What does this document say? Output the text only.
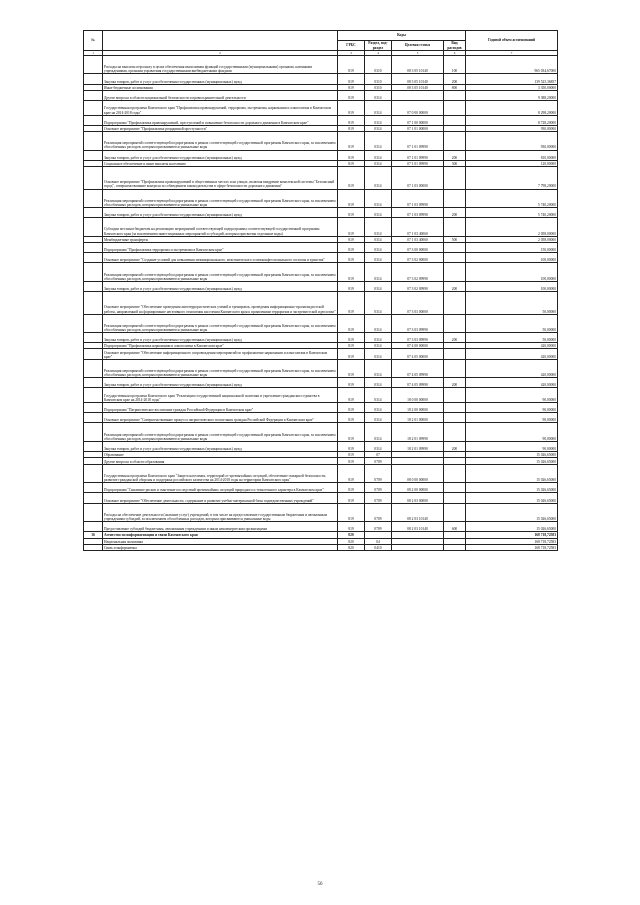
№		Коды				Годовой объем ассигнований
		ГРБС	Раздел, под-раздел	Целевая статья	Вид расходов	
1	2	3	4	5	6	7
	Расходы на выплаты персоналу в целях обеспечения выполнения функций государственными (муниципальными) органами, казенными учреждениями, органами управления государственными внебюджетными фондами	819	0310	08 3 05 10140	100	965 034,67000
	Закупка товаров, работ и услуг для обеспечения государственных (муниципальных) нужд	819	0310	08 3 05 10140	200	139 525,36857
	Иные бюджетные ассигнования	819	0310	08 3 05 10140	800	3 350,00000
	Другие вопросы в области национальной безопасности и правоохранительной деятельности	819	0314			9 388,20000
	Государственная программа Камчатского края "Профилактика правонарушений, терроризма, экстремизма, наркомании и алкоголизма в Камчатском крае на 2014-2018 годы"	819	0314	07 0 00 00000		8 298,20000
	Подпрограмма "Профилактика правонарушений, преступлений и повышение безопасности дорожного движения в Камчатском крае"	819	0314	07 1 00 00000		8 728,20000
	Основное мероприятие "Профилактика рецидивной преступности"	819	0314	07 1 01 00000		930,00000
	Реализация мероприятий соответствующей подпрограммы в рамках соответствующей государственной программы Камчатского края, за исключением обособленных расходов, которым присваиваются уникальные коды	819	0314	07 1 01 09990		930,00000
	Закупка товаров, работ и услуг для обеспечения государственных (муниципальных) нужд	819	0314	07 1 01 09990	200	810,00000
	Социальное обеспечение и иные выплаты населению	819	0314	07 1 01 09990	300	120,00000
	Основное мероприятие "Профилактика правонарушений в общественных местах и на улицах, включая внедрение комплексной системы "Безопасный город", совершенствование контроля за соблюдением законодательства в сфере безопасности дорожного движения"	819	0314	07 1 03 00000		7 798,20000
	Реализация мероприятий соответствующей подпрограммы в рамках соответствующей государственной программы Камчатского края, за исключением обособленных расходов, которым присваиваются уникальные коды	819	0314	07 1 03 09990		5 740,20000
	Закупка товаров, работ и услуг для обеспечения государственных (муниципальных) нужд	819	0314	07 1 03 09990	200	5 740,20000
	Субсидии местным бюджетам на реализацию мероприятий соответствующей подпрограммы соответствующей государственной программы Камчатского края (за исключением инвестиционных мероприятий и субсидий, которым присвоены отдельные коды)	819	0314	07 1 03 40060		2 058,00000
	Межбюджетные трансферты	819	0314	07 1 03 40060	500	2 058,00000
	Подпрограмма "Профилактика терроризма и экстремизма в Камчатском крае"	819	0314	07 3 00 00000		150,00000
	Основное мероприятие "Создание условий для повышения межнационального, межэтнического и межконфессионального согласия и единства"	819	0314	07 3 02 00000		100,00000
	Реализация мероприятий соответствующей подпрограммы в рамках соответствующей государственной программы Камчатского края, за исключением обособленных расходов, которым присваиваются уникальные коды	819	0314	07 3 02 09990		100,00000
	Закупка товаров, работ и услуг для обеспечения государственных (муниципальных) нужд	819	0314	07 3 02 09990	200	100,00000
	Основное мероприятие "Обеспечение проведения антитеррористических учений и тренировок, проведения информационно-пропагандистской работы, направленной на формирование негативного отношения населения Камчатского края к проявлениям терроризма и экстремистской идеологии"	819	0314	07 3 03 00000		50,00000
	Реализация мероприятий соответствующей подпрограммы в рамках соответствующей государственной программы Камчатского края, за исключением обособленных расходов, которым присваиваются уникальные коды	819	0314	07 3 03 09990		50,00000
	Закупка товаров, работ и услуг для обеспечения государственных (муниципальных) нужд	819	0314	07 3 03 09990	200	50,00000
	Подпрограмма "Профилактика наркомании и алкоголизма в Камчатском крае"	819	0314	07 4 00 00000		420,00000
	Основное мероприятие "Обеспечение информационного сопровождения мероприятий по профилактике наркомании и алкоголизма в Камчатском крае"	819	0314	07 4 05 00000		420,00000
	Реализация мероприятий соответствующей подпрограммы в рамках соответствующей государственной программы Камчатского края, за исключением обособленных расходов, которым присваиваются уникальные коды	819	0314	07 4 05 09990		420,00000
	Закупка товаров, работ и услуг для обеспечения государственных (муниципальных) нужд	819	0314	07 4 05 09990	200	420,00000
	Государственная программа Камчатского края "Реализация государственной национальной политики и укрепление гражданского единства в Камчатском крае на 2014-2018 годы"	819	0314	18 0 00 00000		90,00000
	Подпрограмма "Патриотическое воспитание граждан Российской Федерации в Камчатском крае"	819	0314	18 2 00 00000		90,00000
	Основное мероприятие "Совершенствование процесса патриотического воспитания граждан Российской Федерации в Камчатском крае"	819	0314	18 2 01 00000		90,00000
	Реализация мероприятий соответствующей подпрограммы в рамках соответствующей государственной программы Камчатского края, за исключением обособленных расходов, которым присваиваются уникальные коды	819	0314	18 2 01 09990		90,00000
	Закупка товаров, работ и услуг для обеспечения государственных (муниципальных) нужд	819	0314	18 2 01 09990	200	90,00000
	Образование	819	07			15 026,65000
	Другие вопросы в области образования	819	0709			15 026,65000
	Государственная программа Камчатского края "Защита населения, территорий от чрезвычайных ситуаций, обеспечение пожарной безопасности, развитие гражданской обороны и поддержка российского казачества на 2014-2018 годы на территории Камчатского края"	819	0709	08 0 00 00000		15 026,65000
	Подпрограмма "Снижение рисков и смягчение последствий чрезвычайных ситуаций природного и техногенного характера в Камчатском крае"	819	0709	08 2 00 00000		15 026,65000
	Основное мероприятие "Обеспечение деятельности, содержание и развитие учебно-материальной базы подведомственных учреждений"	819	0709	08 2 03 00000		15 026,65000
	Расходы на обеспечение деятельности (оказание услуг) учреждений, в том числе на предоставление государственным бюджетным и автономным учреждениям субсидий, за исключением обособленных расходов, которым присваиваются уникальные коды	819	0709	08 2 03 10140		15 026,65000
	Предоставление субсидий бюджетным, автономным учреждениям и иным некоммерческим организациям	819	0709	08 2 03 10140	600	15 026,65000
16	Агентство по информатизации и связи Камчатского края	820				168 718,72583
	Национальная экономика	820	04			168 718,72583
	Связь и информатика	820	0410			168 718,72583
56
